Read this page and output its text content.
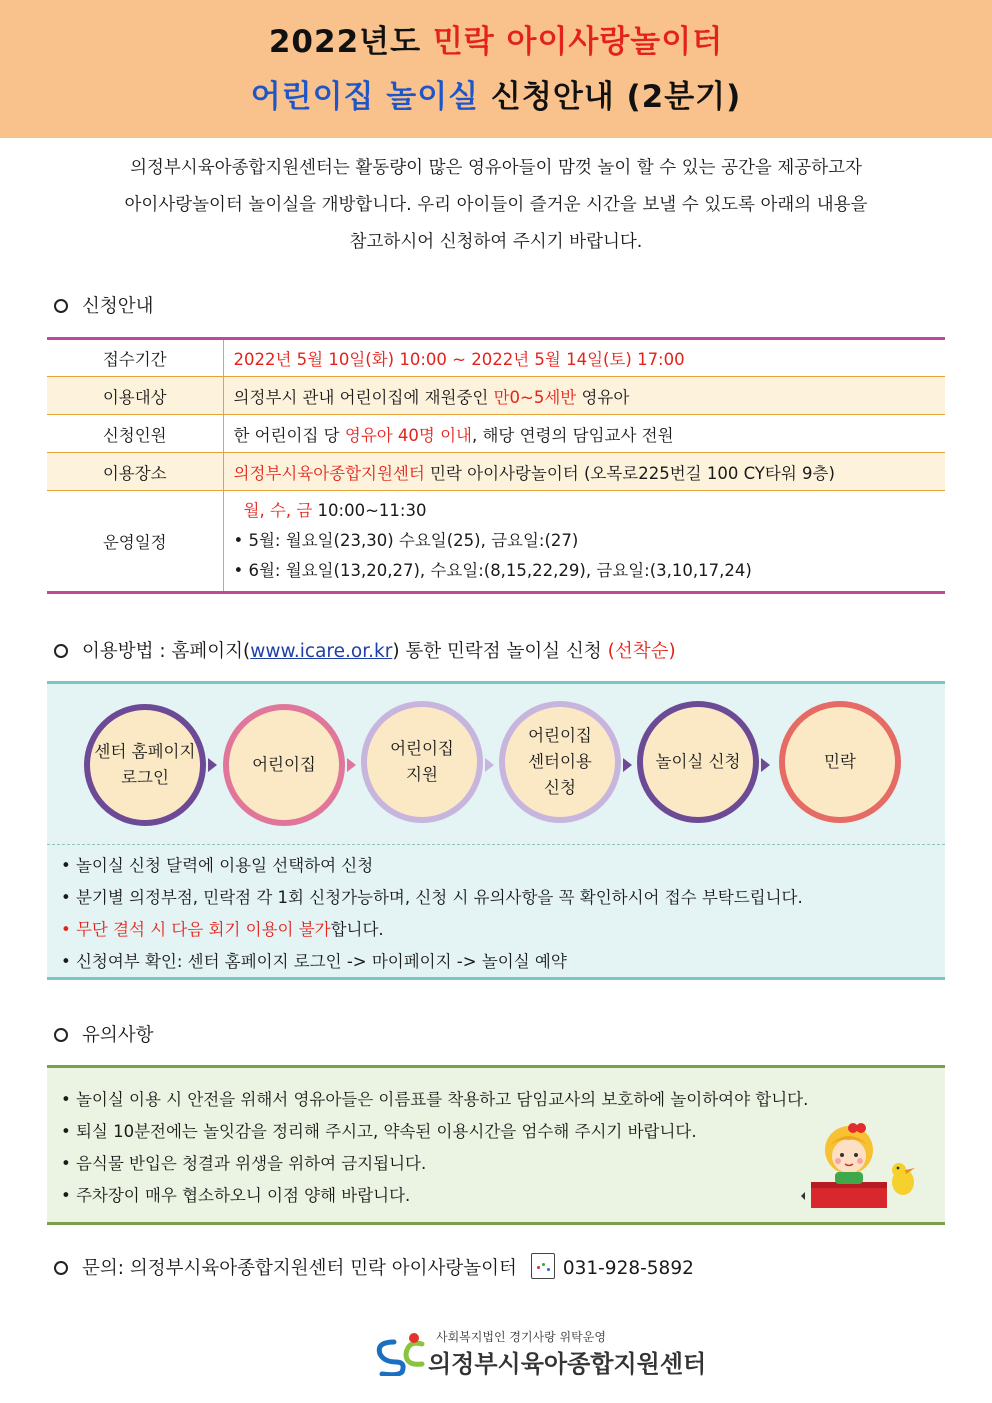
2022년도 민락 아이사랑놀이터
어린이집 놀이실 신청안내 (2분기)
의정부시육아종합지원센터는 활동량이 많은 영유아들이 맘껏 놀이 할 수 있는 공간을 제공하고자
아이사랑놀이터 놀이실을 개방합니다. 우리 아이들이 즐거운 시간을 보낼 수 있도록 아래의 내용을
참고하시어 신청하여 주시기 바랍니다.
신청안내
접수기간	2022년 5월 10일(화) 10:00 ~ 2022년 5월 14일(토) 17:00
이용대상	의정부시 관내 어린이집에 재원중인 만0~5세반 영유아
신청인원	한 어린이집 당 영유아 40명 이내, 해당 연령의 담임교사 전원
이용장소	의정부시육아종합지원센터 민락 아이사랑놀이터 (오목로225번길 100 CY타워 9층)
운영일정	월, 수, 금 10:00~11:30
• 5월: 월요일(23,30) 수요일(25), 금요일:(27)
• 6월: 월요일(13,20,27), 수요일:(8,15,22,29), 금요일:(3,10,17,24)
이용방법 : 홈페이지(www.icare.or.kr) 통한 민락점 놀이실 신청 (선착순)
센터 홈페이지
로그인
어린이집
어린이집
지원
어린이집
센터이용
신청
놀이실 신청	민락
• 놀이실 신청 달력에 이용일 선택하여 신청
• 분기별 의정부점, 민락점 각 1회 신청가능하며, 신청 시 유의사항을 꼭 확인하시어 접수 부탁드립니다.
• 무단 결석 시 다음 회기 이용이 불가합니다.
• 신청여부 확인: 센터 홈페이지 로그인 -> 마이페이지 -> 놀이실 예약
유의사항
• 놀이실 이용 시 안전을 위해서 영유아들은 이름표를 착용하고 담임교사의 보호하에 놀이하여야 합니다.
• 퇴실 10분전에는 놀잇감을 정리해 주시고, 약속된 이용시간을 엄수해 주시기 바랍니다.
• 음식물 반입은 청결과 위생을 위하여 금지됩니다.
• 주차장이 매우 협소하오니 이점 양해 바랍니다.
문의: 의정부시육아종합지원센터 민락 아이사랑놀이터 031-928-5892
사회복지법인 경기사랑 위탁운영
의정부시육아종합지원센터
